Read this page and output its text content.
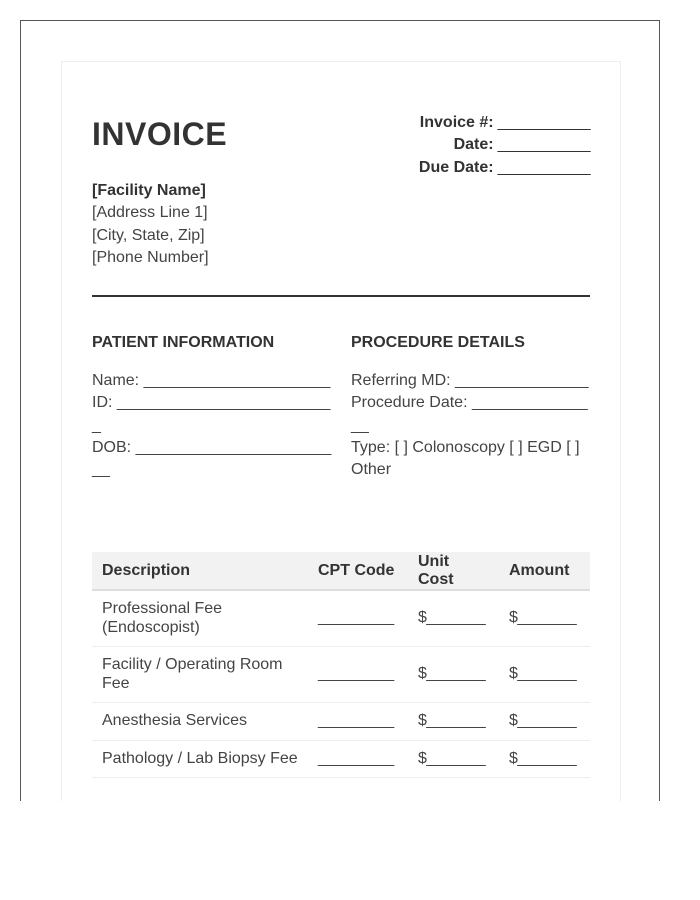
INVOICE	Invoice #: ___________
Date: ___________
Due Date: ___________
[Facility Name]
[Address Line 1]
[City, State, Zip]
[Phone Number]
PATIENT INFORMATION
Name: _____________________
ID: _________________________
DOB: ________________________
PROCEDURE DETAILS
Referring MD: _______________
Procedure Date: _______________
Type: [ ] Colonoscopy [ ] EGD [ ] Other
Description	CPT Code	Unit Cost	Amount
Professional Fee (Endoscopist)	_________	$_______	$_______
Facility / Operating Room Fee	_________	$_______	$_______
Anesthesia Services	_________	$_______	$_______
Pathology / Lab Biopsy Fee	_________	$_______	$_______
